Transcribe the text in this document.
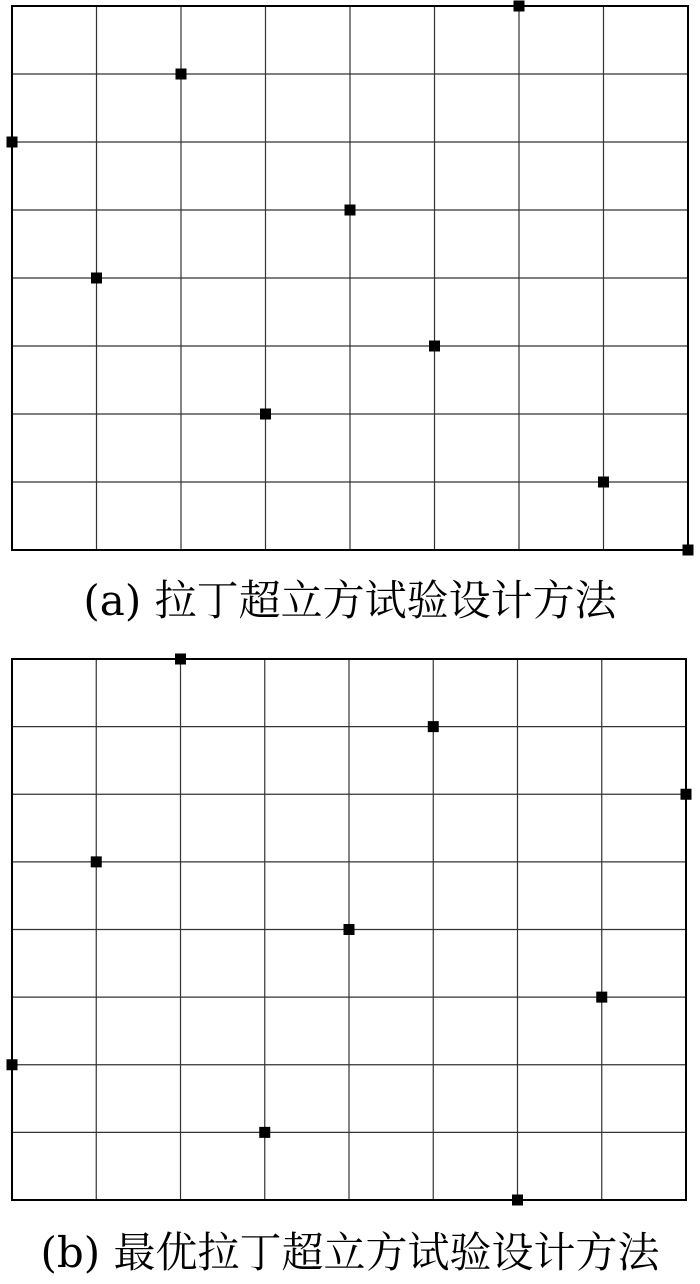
(a) 拉丁超立方试验设计方法
(b) 最优拉丁超立方试验设计方法
